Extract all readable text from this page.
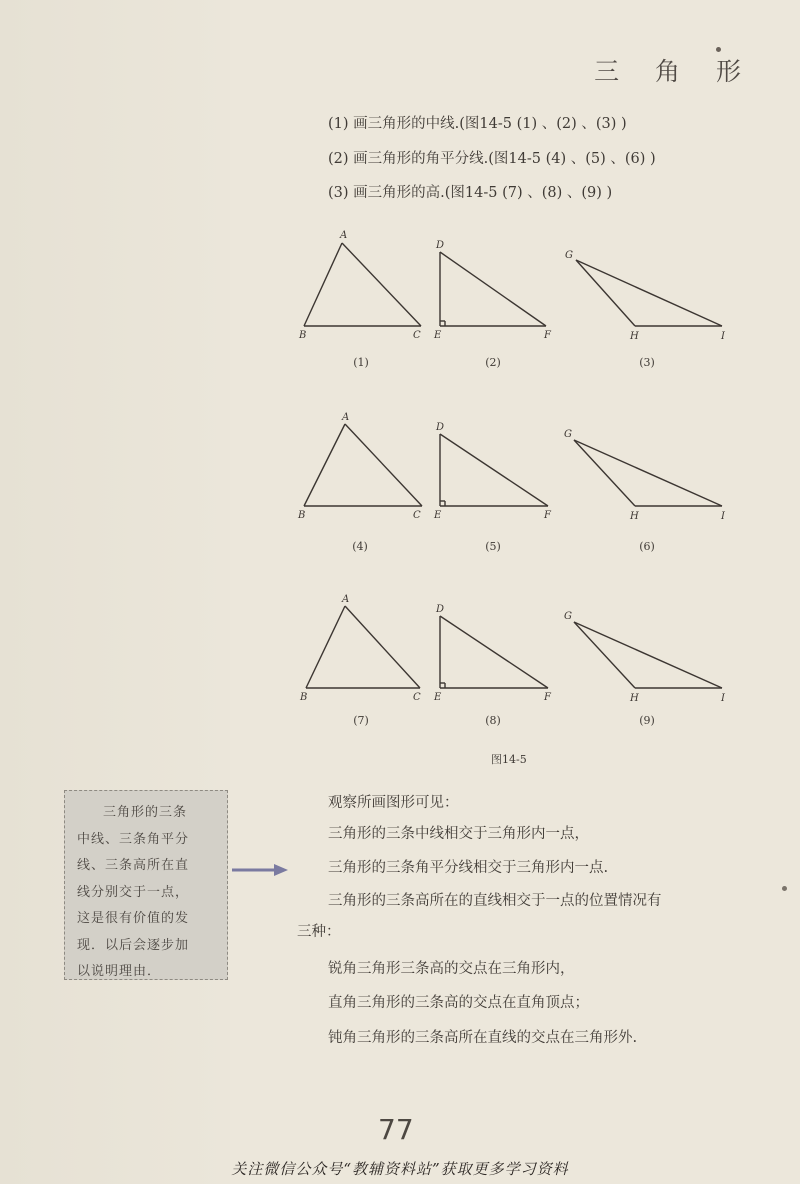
三 角 形
(1) 画三角形的中线.(图14-5 (1) 、(2) 、(3) )
(2) 画三角形的角平分线.(图14-5 (4) 、(5) 、(6) )
(3) 画三角形的高.(图14-5 (7) 、(8) 、(9) )
A
B	C
D
E	F
G
H	I
(1)	(2)	(3)
A
B	C
D
E	F
G
H	I
(4)	(5)	(6)
A
B	C
D
E	F
G
H	I
(7)	(8)	(9)
图14-5

三角形的三条

中线、三条角平分

线、三条高所在直

线分别交于一点，

这是很有价值的发

现．以后会逐步加

以说明理由．

观察所画图形可见：
三角形的三条中线相交于三角形内一点，
三角形的三条角平分线相交于三角形内一点.
三角形的三条高所在的直线相交于一点的位置情况有
三种：
锐角三角形三条高的交点在三角形内，
直角三角形的三条高的交点在直角顶点；
钝角三角形的三条高所在直线的交点在三角形外.
77
关注微信公众号“教辅资料站”获取更多学习资料
